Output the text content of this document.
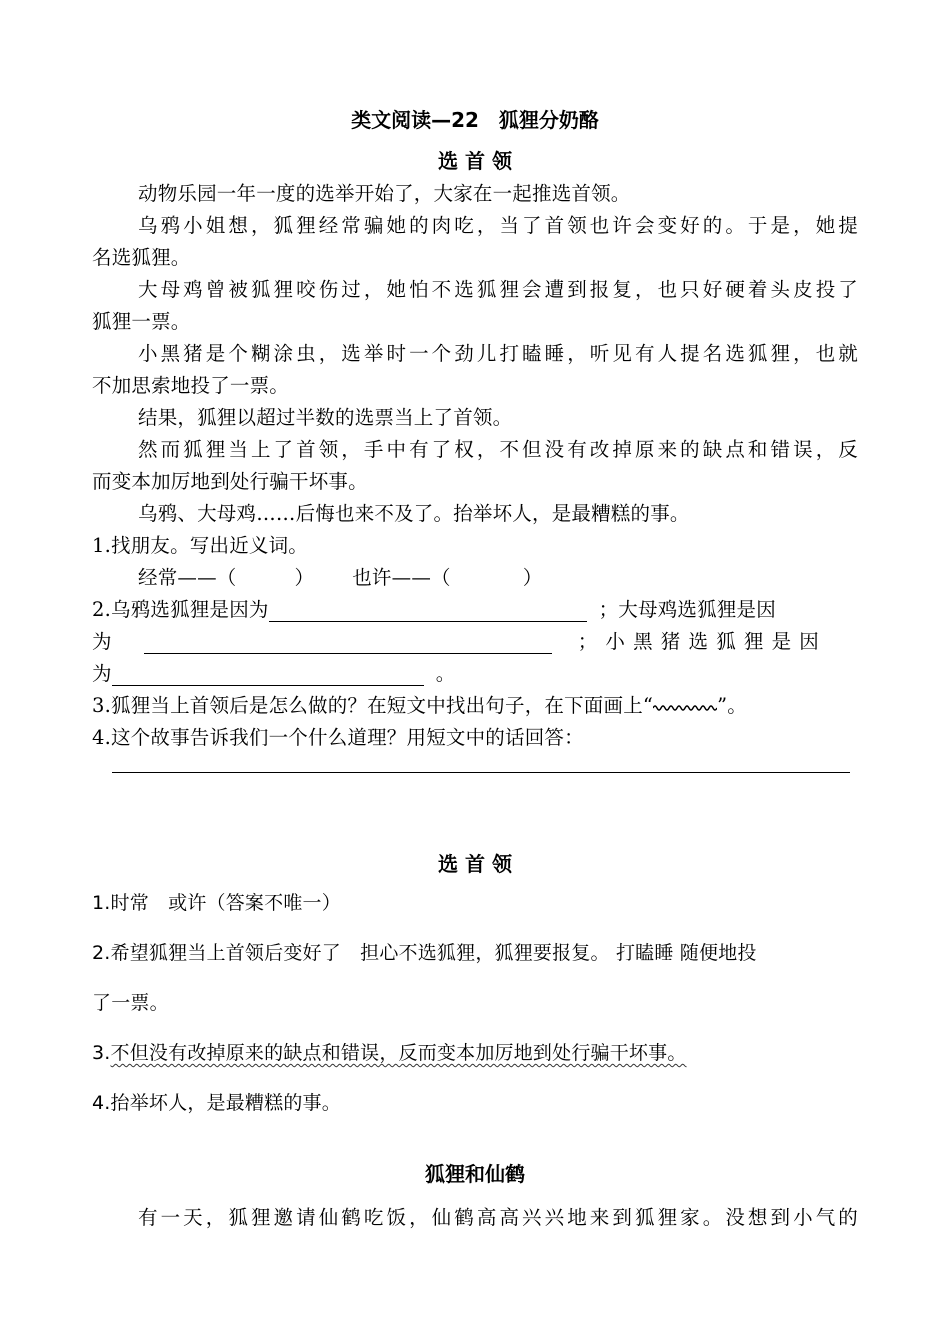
类文阅读—22　狐狸分奶酪
选 首 领
动物乐园一年一度的选举开始了，大家在一起推选首领。
乌鸦小姐想，狐狸经常骗她的肉吃，当了首领也许会变好的。于是，她提
名选狐狸。
大母鸡曾被狐狸咬伤过，她怕不选狐狸会遭到报复，也只好硬着头皮投了
狐狸一票。
小黑猪是个糊涂虫，选举时一个劲儿打瞌睡，听见有人提名选狐狸，也就
不加思索地投了一票。
结果，狐狸以超过半数的选票当上了首领。
然而狐狸当上了首领，手中有了权，不但没有改掉原来的缺点和错误，反
而变本加厉地到处行骗干坏事。
乌鸦、大母鸡……后悔也来不及了。抬举坏人，是最糟糕的事。
1.找朋友。写出近义词。
经常——（	） 也许——（	）
2.乌鸦选狐狸是因为	；大母鸡选狐狸是因
为	；小黑猪选狐狸是因
为	。
3.狐狸当上首领后是怎么做的？在短文中找出句子，在下面画上“	”。
4.这个故事告诉我们一个什么道理？用短文中的话回答：
选 首 领
1.时常　或许（答案不唯一）
2.希望狐狸当上首领后变好了　担心不选狐狸，狐狸要报复。 打瞌睡 随便地投
了一票。
3.不但没有改掉原来的缺点和错误，反而变本加厉地到处行骗干坏事。
4.抬举坏人，是最糟糕的事。
狐狸和仙鹤
有一天，狐狸邀请仙鹤吃饭，仙鹤高高兴兴地来到狐狸家。没想到小气的
